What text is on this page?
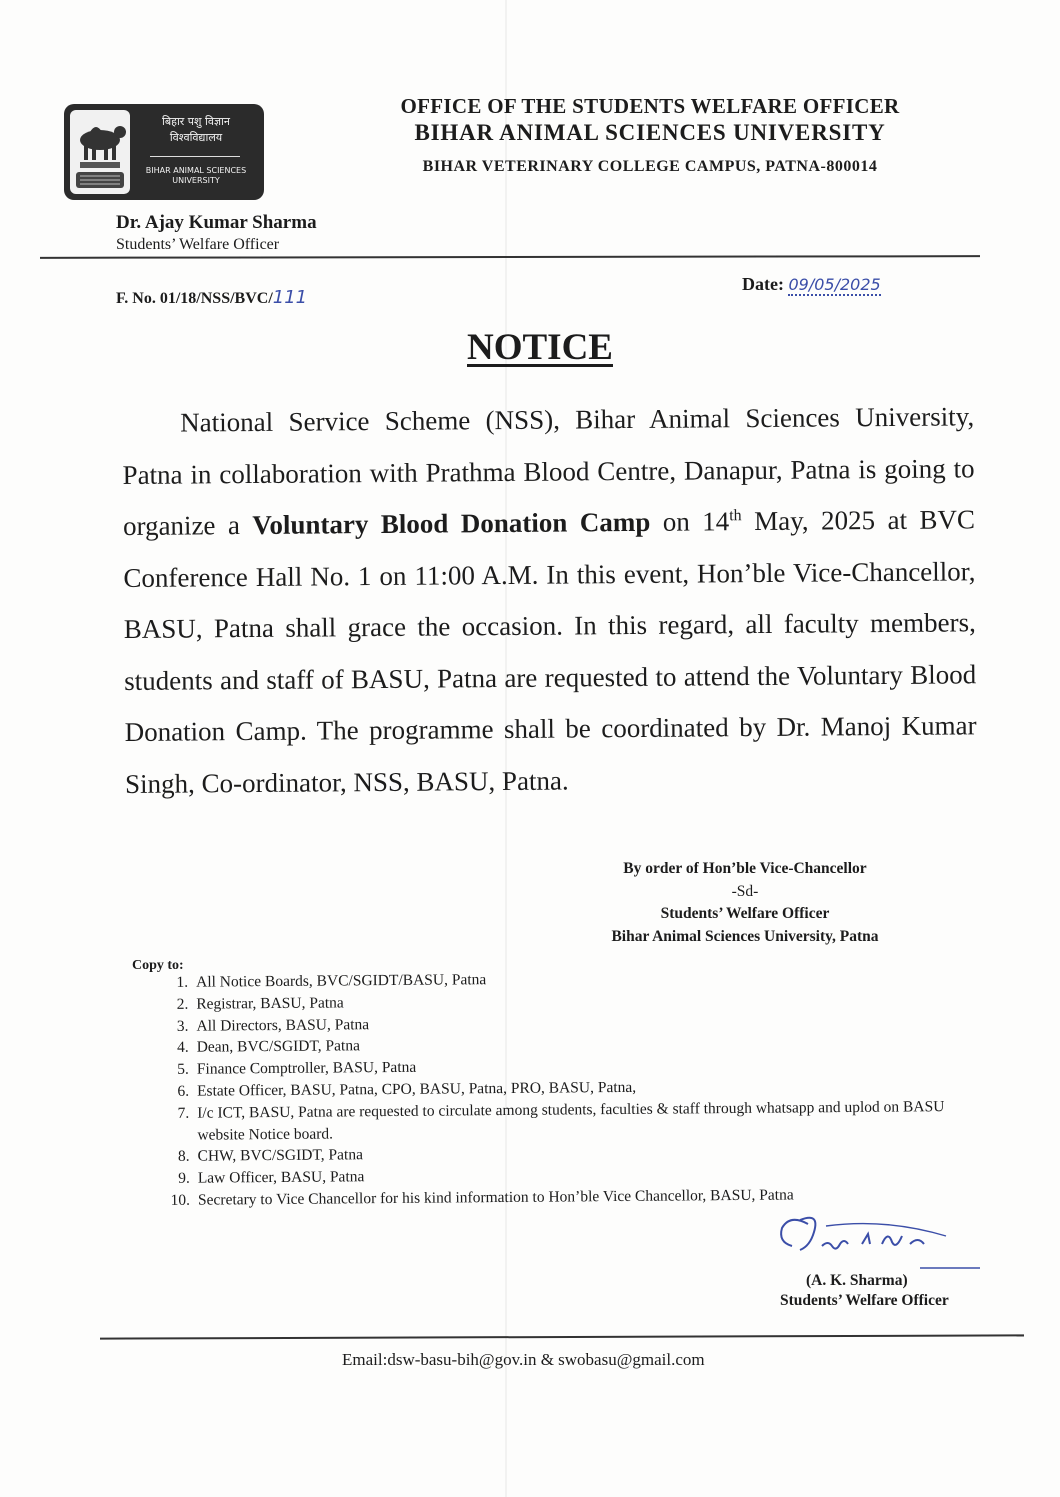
बिहार पशु विज्ञान
विश्वविद्यालय
BIHAR ANIMAL SCIENCES
UNIVERSITY
OFFICE OF THE STUDENTS WELFARE OFFICER
BIHAR ANIMAL SCIENCES UNIVERSITY
BIHAR VETERINARY COLLEGE CAMPUS, PATNA-800014
Dr. Ajay Kumar Sharma
Students’ Welfare Officer
F. No. 01/18/NSS/BVC/111
Date: 09/05/2025
NOTICE

National Service Scheme (NSS), Bihar Animal Sciences University, Patna in collaboration with Prathma Blood Centre, Danapur, Patna is going to organize a Voluntary Blood Donation Camp on 14th May, 2025 at BVC Conference Hall No. 1 on 11:00 A.M. In this event, Hon’ble Vice-Chancellor, BASU, Patna shall grace the occasion. In this regard, all faculty members, students and staff of BASU, Patna are requested to attend the Voluntary Blood Donation Camp. The programme shall be coordinated by Dr. Manoj Kumar Singh, Co-ordinator, NSS, BASU, Patna.

By order of Hon’ble Vice-Chancellor
-Sd-
Students’ Welfare Officer
Bihar Animal Sciences University, Patna
Copy to:
1. All Notice Boards, BVC/SGIDT/BASU, Patna
2. Registrar, BASU, Patna
3. All Directors, BASU, Patna
4. Dean, BVC/SGIDT, Patna
5. Finance Comptroller, BASU, Patna
6. Estate Officer, BASU, Patna, CPO, BASU, Patna, PRO, BASU, Patna,
7. I/c ICT, BASU, Patna are requested to circulate among students, faculties & staff through whatsapp and uplod on BASU website Notice board.
8. CHW, BVC/SGIDT, Patna
9. Law Officer, BASU, Patna
10. Secretary to Vice Chancellor for his kind information to Hon’ble Vice Chancellor, BASU, Patna
(A. K. Sharma)
Students’ Welfare Officer
Email:dsw-basu-bih@gov.in & swobasu@gmail.com
